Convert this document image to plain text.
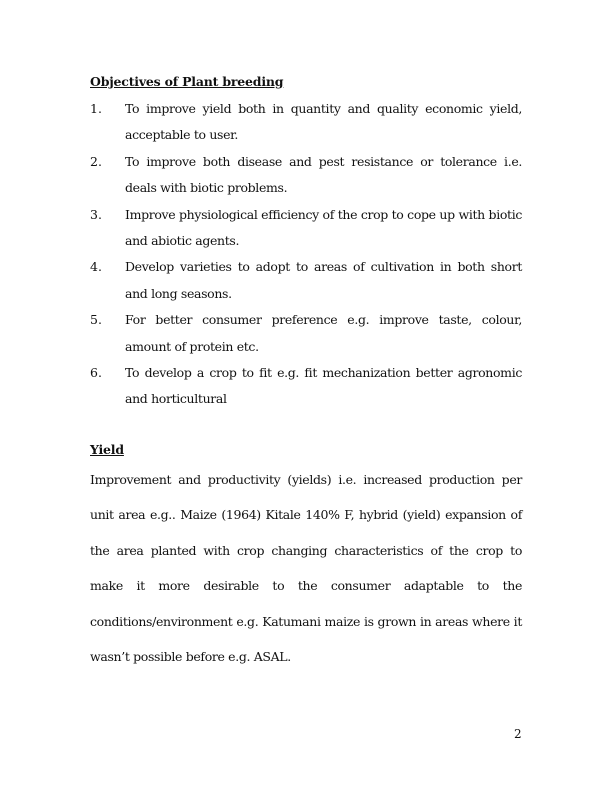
Objectives of Plant breeding
1. To improve yield both in quantity and quality economic yield, acceptable to user.
2. To improve both disease and pest resistance or tolerance i.e. deals with biotic problems.
3. Improve physiological efficiency of the crop to cope up with biotic and abiotic agents.
4. Develop varieties to adopt to areas of cultivation in both short and long seasons.
5. For better consumer preference e.g. improve taste, colour, amount of protein etc.
6. To develop a crop to fit e.g. fit mechanization better agronomic and horticultural
Yield

Improvement and productivity (yields) i.e. increased production per unit area e.g.. Maize (1964) Kitale 140% F, hybrid (yield) expansion of the area planted with crop changing characteristics of the crop to make it more desirable to the consumer adaptable to the conditions/environment e.g. Katumani maize is grown in areas where it wasn’t possible before e.g. ASAL.

2
